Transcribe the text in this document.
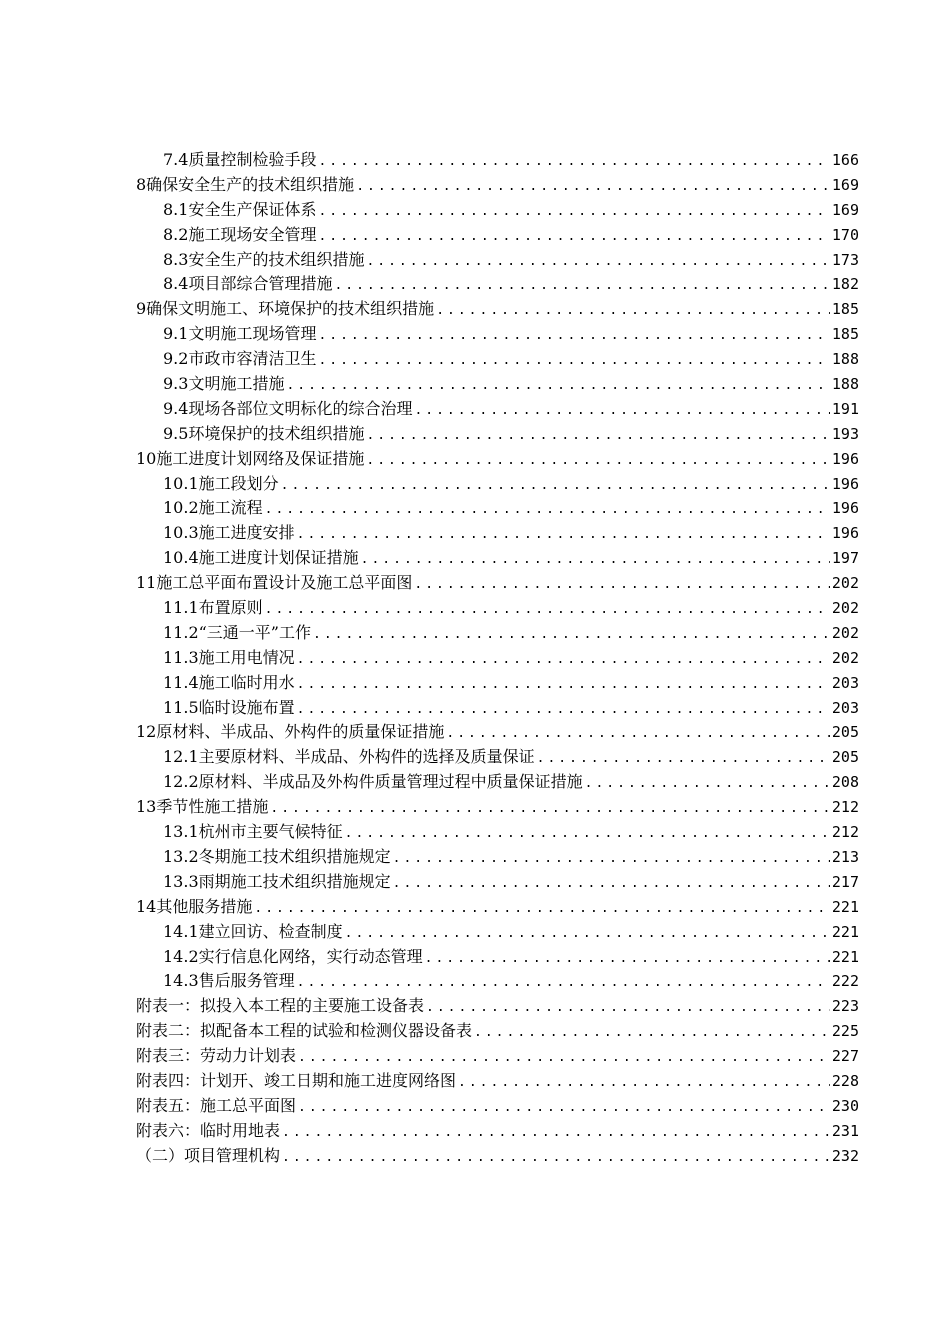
7.4质量控制检验手段 .....	166
8确保安全生产的技术组织措施 .....	169
8.1安全生产保证体系 .....	169
8.2施工现场安全管理 .....	170
8.3安全生产的技术组织措施 .....	173
8.4项目部综合管理措施 .....	182
9确保文明施工、环境保护的技术组织措施 .....	185
9.1文明施工现场管理 .....	185
9.2市政市容清洁卫生 .....	188
9.3文明施工措施 .....	188
9.4现场各部位文明标化的综合治理 .....	191
9.5环境保护的技术组织措施 .....	193
10施工进度计划网络及保证措施 .....	196
10.1施工段划分 .....	196
10.2施工流程 .....	196
10.3施工进度安排 .....	196
10.4施工进度计划保证措施 .....	197
11施工总平面布置设计及施工总平面图 .....	202
11.1布置原则 .....	202
11.2“三通一平”工作 .....	202
11.3施工用电情况 .....	202
11.4施工临时用水 .....	203
11.5临时设施布置 .....	203
12原材料、半成品、外构件的质量保证措施 .....	205
12.1主要原材料、半成品、外构件的选择及质量保证 .....	205
12.2原材料、半成品及外构件质量管理过程中质量保证措施 .....	208
13季节性施工措施 .....	212
13.1杭州市主要气候特征 .....	212
13.2冬期施工技术组织措施规定 .....	213
13.3雨期施工技术组织措施规定 .....	217
14其他服务措施 .....	221
14.1建立回访、检查制度 .....	221
14.2实行信息化网络，实行动态管理 .....	221
14.3售后服务管理 .....	222
附表一：拟投入本工程的主要施工设备表 .....	223
附表二：拟配备本工程的试验和检测仪器设备表 .....	225
附表三：劳动力计划表 .....	227
附表四：计划开、竣工日期和施工进度网络图 .....	228
附表五：施工总平面图 .....	230
附表六：临时用地表 .....	231
（二）项目管理机构 .....	232
